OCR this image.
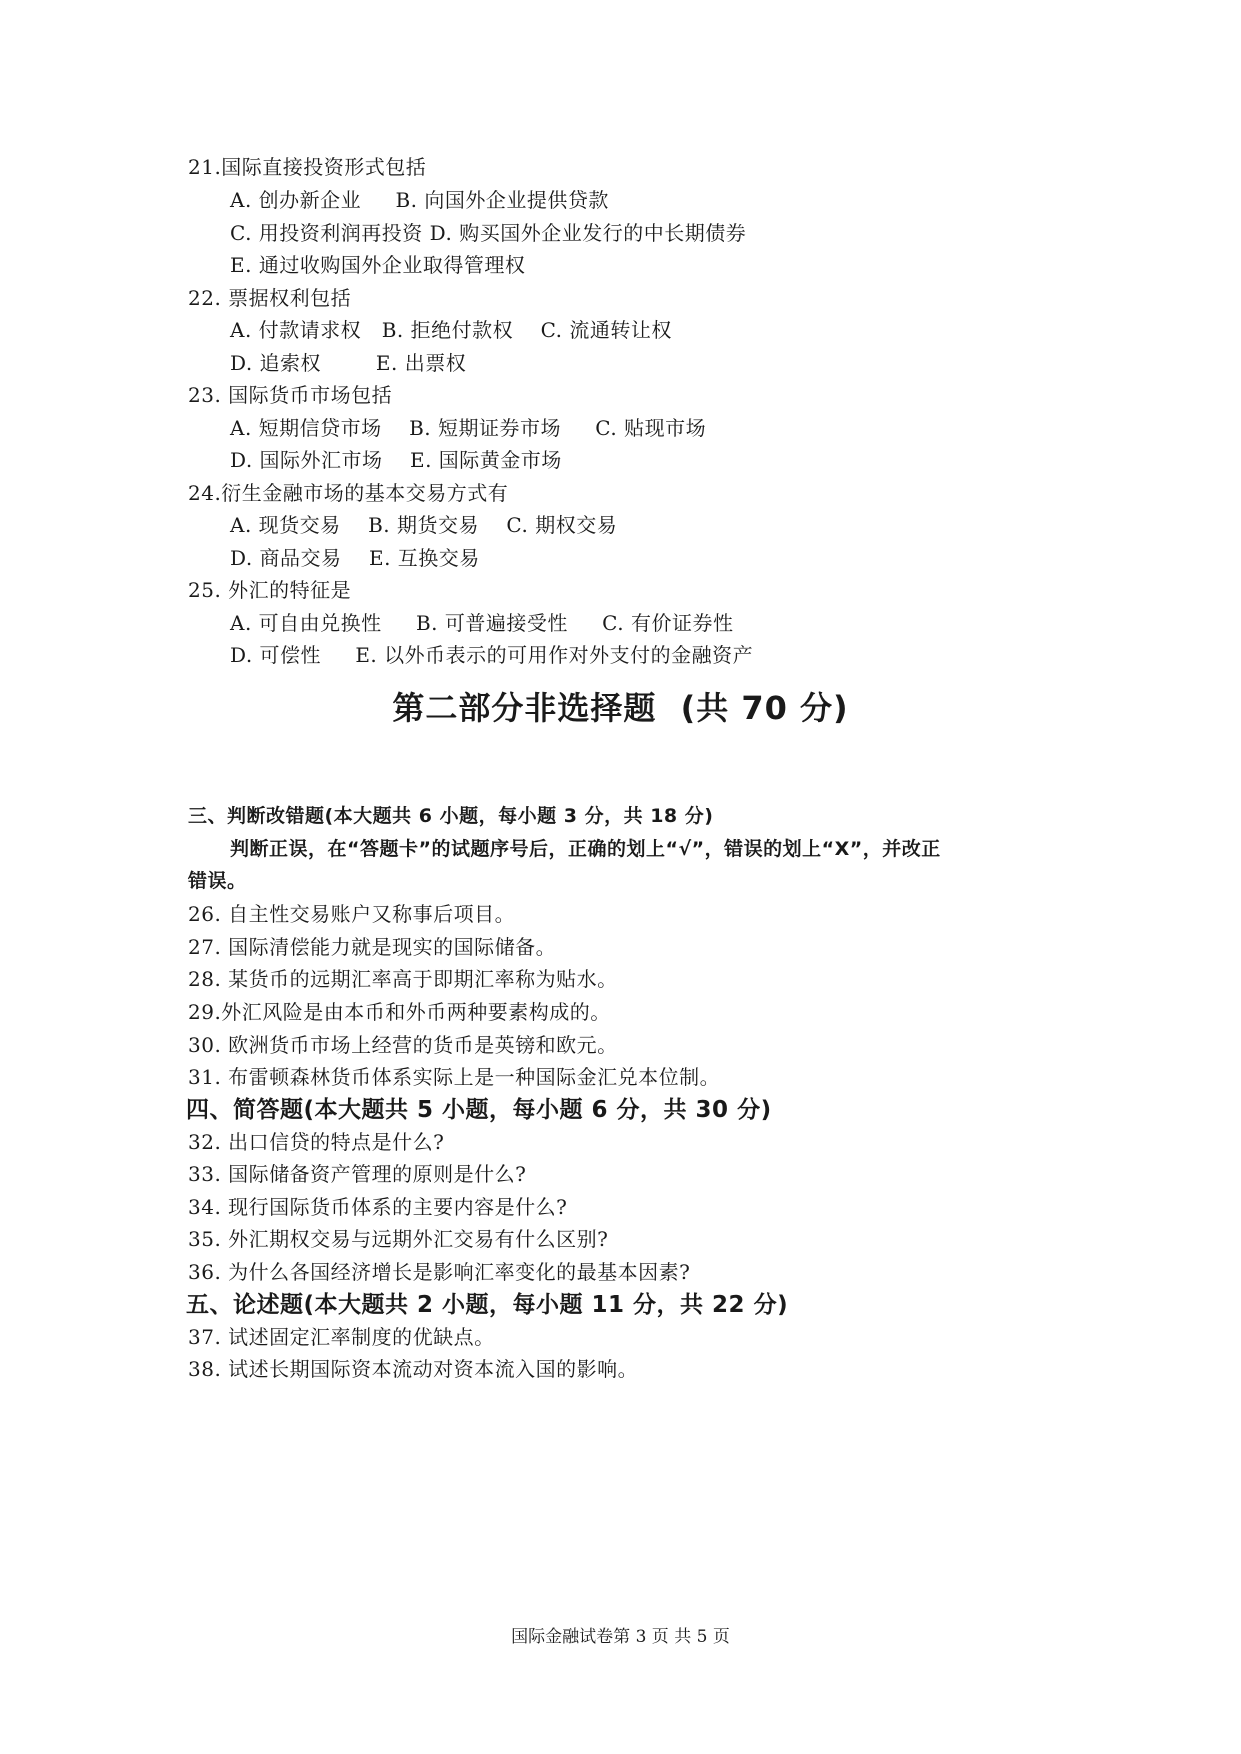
21.国际直接投资形式包括
A. 创办新企业     B. 向国外企业提供贷款
C. 用投资利润再投资 D. 购买国外企业发行的中长期债券
E. 通过收购国外企业取得管理权
22. 票据权利包括
A. 付款请求权   B. 拒绝付款权    C. 流通转让权
D. 追索权        E. 出票权
23. 国际货币市场包括
A. 短期信贷市场    B. 短期证券市场     C. 贴现市场
D. 国际外汇市场    E. 国际黄金市场
24.衍生金融市场的基本交易方式有
A. 现货交易    B. 期货交易    C. 期权交易
D. 商品交易    E. 互换交易
25. 外汇的特征是
A. 可自由兑换性     B. 可普遍接受性     C. 有价证券性
D. 可偿性     E. 以外币表示的可用作对外支付的金融资产
第二部分非选择题  (共 70 分)
三、判断改错题(本大题共 6 小题，每小题 3 分，共 18 分)
判断正误，在“答题卡”的试题序号后，正确的划上“√”，错误的划上“X”，并改正
错误。
26. 自主性交易账户又称事后项目。
27. 国际清偿能力就是现实的国际储备。
28. 某货币的远期汇率高于即期汇率称为贴水。
29.外汇风险是由本币和外币两种要素构成的。
30. 欧洲货币市场上经营的货币是英镑和欧元。
31. 布雷顿森林货币体系实际上是一种国际金汇兑本位制。
四、简答题(本大题共 5 小题，每小题 6 分，共 30 分)
32. 出口信贷的特点是什么?
33. 国际储备资产管理的原则是什么?
34. 现行国际货币体系的主要内容是什么?
35. 外汇期权交易与远期外汇交易有什么区别?
36. 为什么各国经济增长是影响汇率变化的最基本因素?
五、论述题(本大题共 2 小题，每小题 11 分，共 22 分)
37. 试述固定汇率制度的优缺点。
38. 试述长期国际资本流动对资本流入国的影响。
国际金融试卷第 3 页 共 5 页
